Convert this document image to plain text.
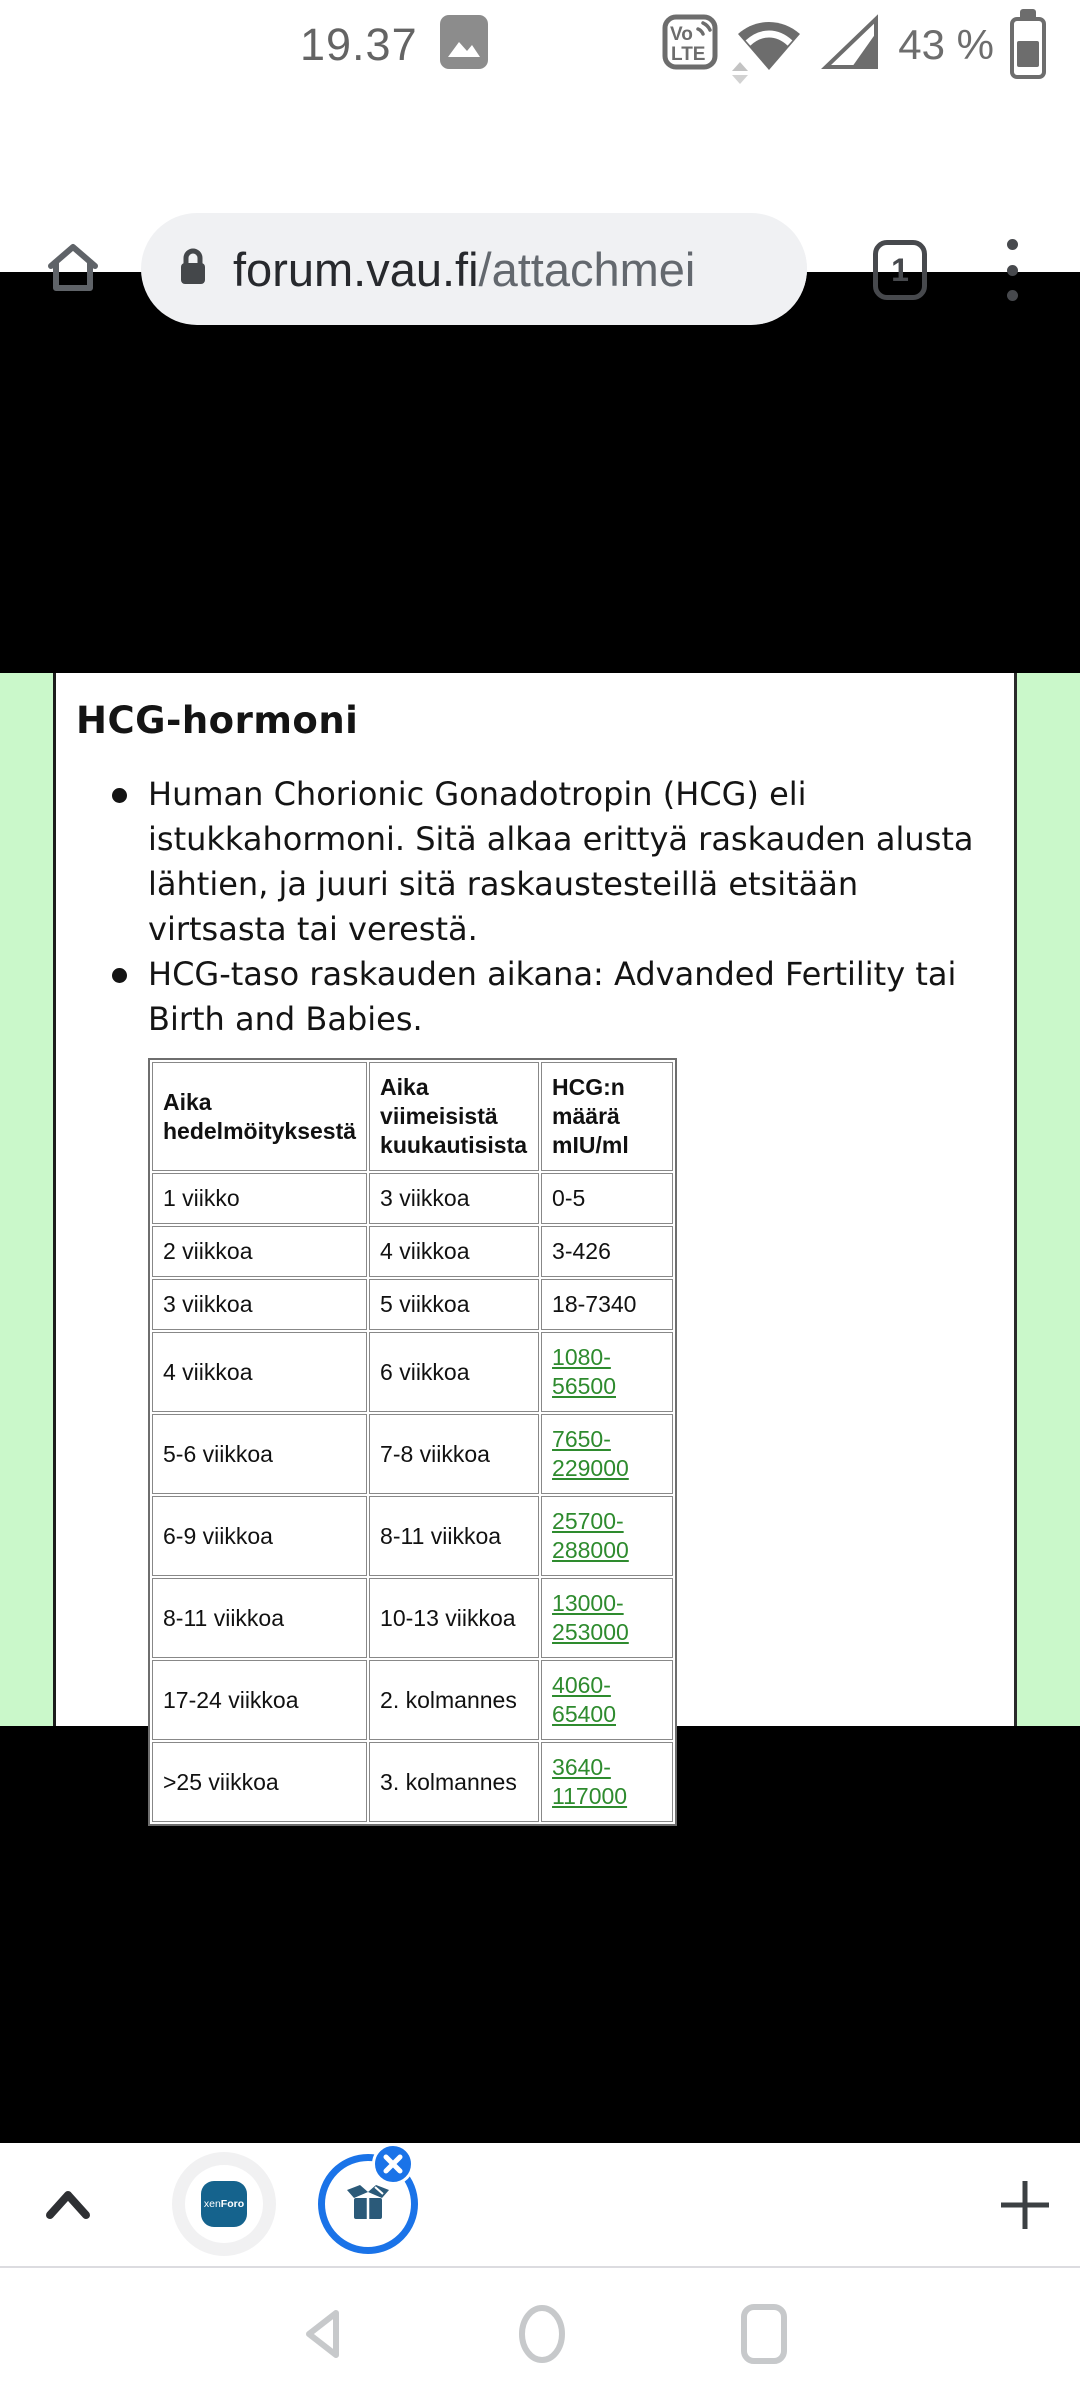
19.37	Vo
LTE	43 %
forum.vau.fi/attachmei	1
HCG-hormoni
Human Chorionic Gonadotropin (HCG) eli istukkahormoni. Sitä alkaa erittyä raskauden alusta lähtien, ja juuri sitä raskaustesteillä etsitään virtsasta tai verestä.
HCG-taso raskauden aikana: Advanded Fertility tai Birth and Babies.
Aika hedelmöityksestä	Aika viimeisistä kuukautisista	HCG:n määrä mIU/ml
1 viikko	3 viikkoa	0-5
2 viikkoa	4 viikkoa	3-426
3 viikkoa	5 viikkoa	18-7340
4 viikkoa	6 viikkoa	1080-56500
5-6 viikkoa	7-8 viikkoa	7650-229000
6-9 viikkoa	8-11 viikkoa	25700-288000
8-11 viikkoa	10-13 viikkoa	13000-253000
17-24 viikkoa	2. kolmannes	4060-65400
>25 viikkoa	3. kolmannes	3640-117000
xen Foro
